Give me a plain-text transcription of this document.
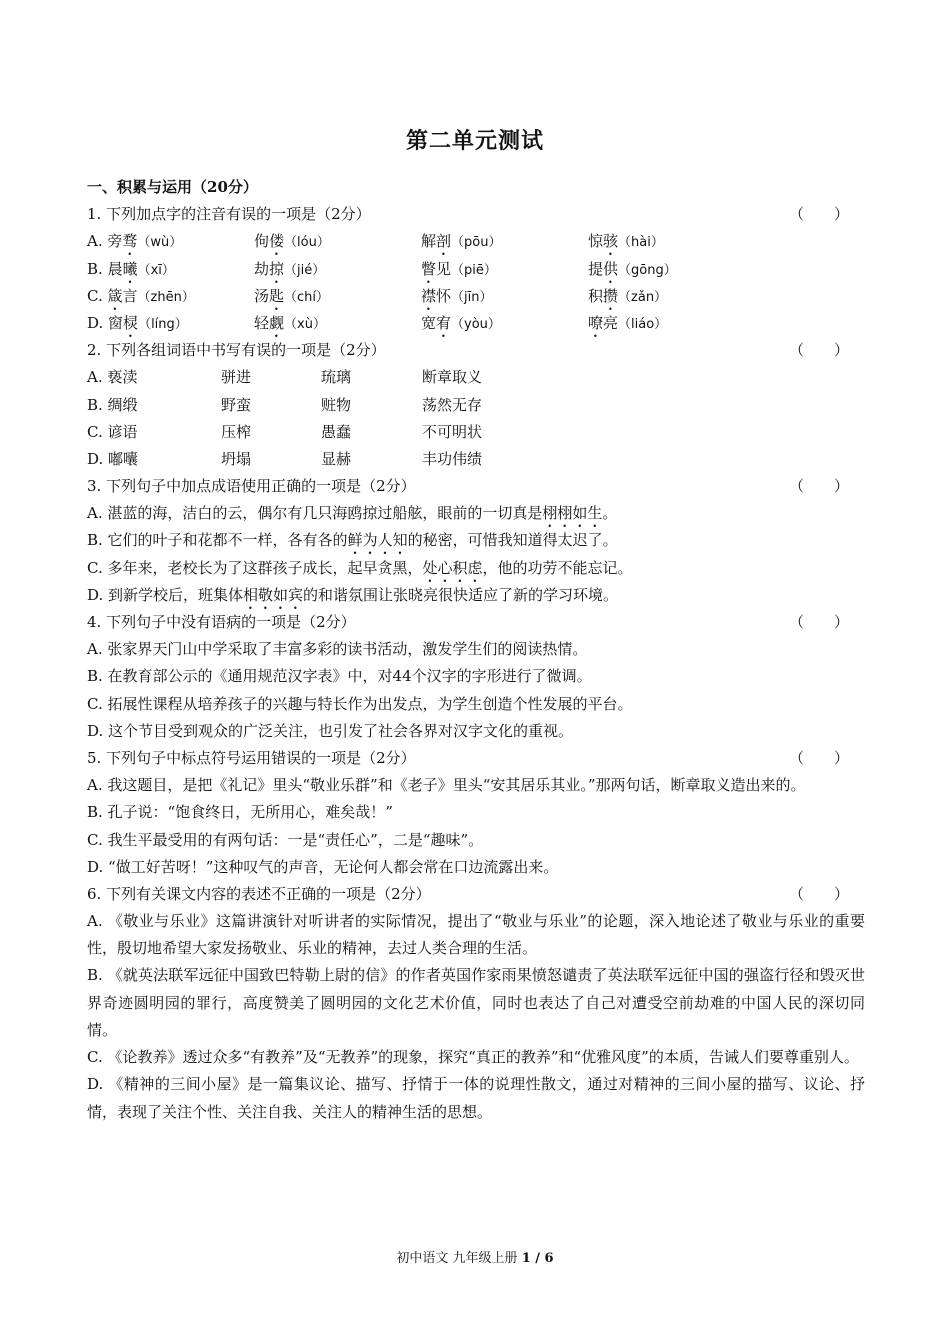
第二单元测试
一、积累与运用（20分）
1. 下列加点字的注音有误的一项是（2分）	（　　）
A. 旁骛（wù）	佝偻（lóu）	解剖（pōu）	惊骇（hài）
B. 晨曦（xī）	劫掠（jié）	瞥见（piē）	提供（gōng）
C. 箴言（zhēn）	汤匙（chí）	襟怀（jīn）	积攒（zǎn）
D. 窗棂（líng）	轻觑（xù）	宽宥（yòu）	嘹亮（liáo）
2. 下列各组词语中书写有误的一项是（2分）	（　　）
A. 亵渎	骈进	琉璃	断章取义
B. 绸缎	野蛮	赃物	荡然无存
C. 谚语	压榨	愚蠢	不可明状
D. 嘟囔	坍塌	显赫	丰功伟绩
3. 下列句子中加点成语使用正确的一项是（2分）	（　　）
A. 湛蓝的海，洁白的云，偶尔有几只海鸥掠过船舷，眼前的一切真是栩栩如生。
B. 它们的叶子和花都不一样，各有各的鲜为人知的秘密，可惜我知道得太迟了。
C. 多年来，老校长为了这群孩子成长，起早贪黑，处心积虑，他的功劳不能忘记。
D. 到新学校后，班集体相敬如宾的和谐氛围让张晓亮很快适应了新的学习环境。
4. 下列句子中没有语病的一项是（2分）	（　　）
A. 张家界天门山中学采取了丰富多彩的读书活动，激发学生们的阅读热情。
B. 在教育部公示的《通用规范汉字表》中，对44个汉字的字形进行了微调。
C. 拓展性课程从培养孩子的兴趣与特长作为出发点，为学生创造个性发展的平台。
D. 这个节目受到观众的广泛关注，也引发了社会各界对汉字文化的重视。
5. 下列句子中标点符号运用错误的一项是（2分）	（　　）
A. 我这题目，是把《礼记》里头“敬业乐群”和《老子》里头“安其居乐其业。”那两句话，断章取义造出来的。
B. 孔子说：“饱食终日，无所用心，难矣哉！”
C. 我生平最受用的有两句话：一是“责任心”，二是“趣味”。
D. “做工好苦呀！”这种叹气的声音，无论何人都会常在口边流露出来。
6. 下列有关课文内容的表述不正确的一项是（2分）	（　　）
A. 《敬业与乐业》这篇讲演针对听讲者的实际情况，提出了“敬业与乐业”的论题，深入地论述了敬业与乐业的重要性，殷切地希望大家发扬敬业、乐业的精神，去过人类合理的生活。
B. 《就英法联军远征中国致巴特勒上尉的信》的作者英国作家雨果愤怒谴责了英法联军远征中国的强盗行径和毁灭世界奇迹圆明园的罪行，高度赞美了圆明园的文化艺术价值，同时也表达了自己对遭受空前劫难的中国人民的深切同情。
C. 《论教养》透过众多“有教养”及“无教养”的现象，探究“真正的教养”和“优雅风度”的本质，告诫人们要尊重别人。
D. 《精神的三间小屋》是一篇集议论、描写、抒情于一体的说理性散文，通过对精神的三间小屋的描写、议论、抒情，表现了关注个性、关注自我、关注人的精神生活的思想。
初中语文 九年级上册 1 / 6
